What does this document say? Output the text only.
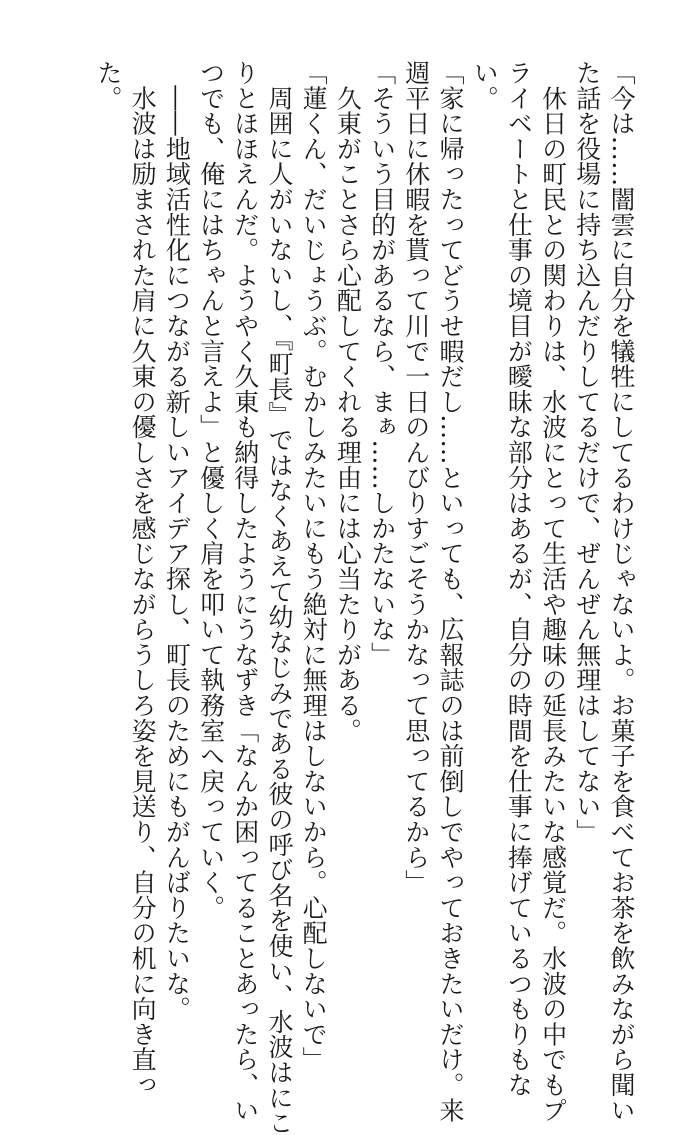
「今は……闇雲に自分を犠牲にしてるわけじゃないよ。お菓子を食べてお茶を飲みながら聞い
た話を役場に持ち込んだりしてるだけで、ぜんぜん無理はしてない」
　休日の町民との関わりは、水波にとって生活や趣味の延長みたいな感覚だ。水波の中でもプ
ライベートと仕事の境目が曖昧な部分はあるが、自分の時間を仕事に捧げているつもりもな
い。
「家に帰ったってどうせ暇だし……といっても、広報誌のは前倒しでやっておきたいだけ。来
週平日に休暇を貰って川で一日のんびりすごそうかなって思ってるから」
「そういう目的があるなら、まぁ……しかたないな」
　久東がことさら心配してくれる理由には心当たりがある。
「蓮くん、だいじょうぶ。むかしみたいにもう絶対に無理はしないから。心配しないで」
　周囲に人がいないし、『町長』ではなくあえて幼なじみである彼の呼び名を使い、水波はにこ
りとほほえんだ。ようやく久東も納得したようにうなずき「なんか困ってることあったら、い
つでも、俺にはちゃんと言えよ」と優しく肩を叩いて執務室へ戻っていく。
　――地域活性化につながる新しいアイデア探し、町長のためにもがんばりたいな。
　水波は励まされた肩に久東の優しさを感じながらうしろ姿を見送り、自分の机に向き直っ
た。
